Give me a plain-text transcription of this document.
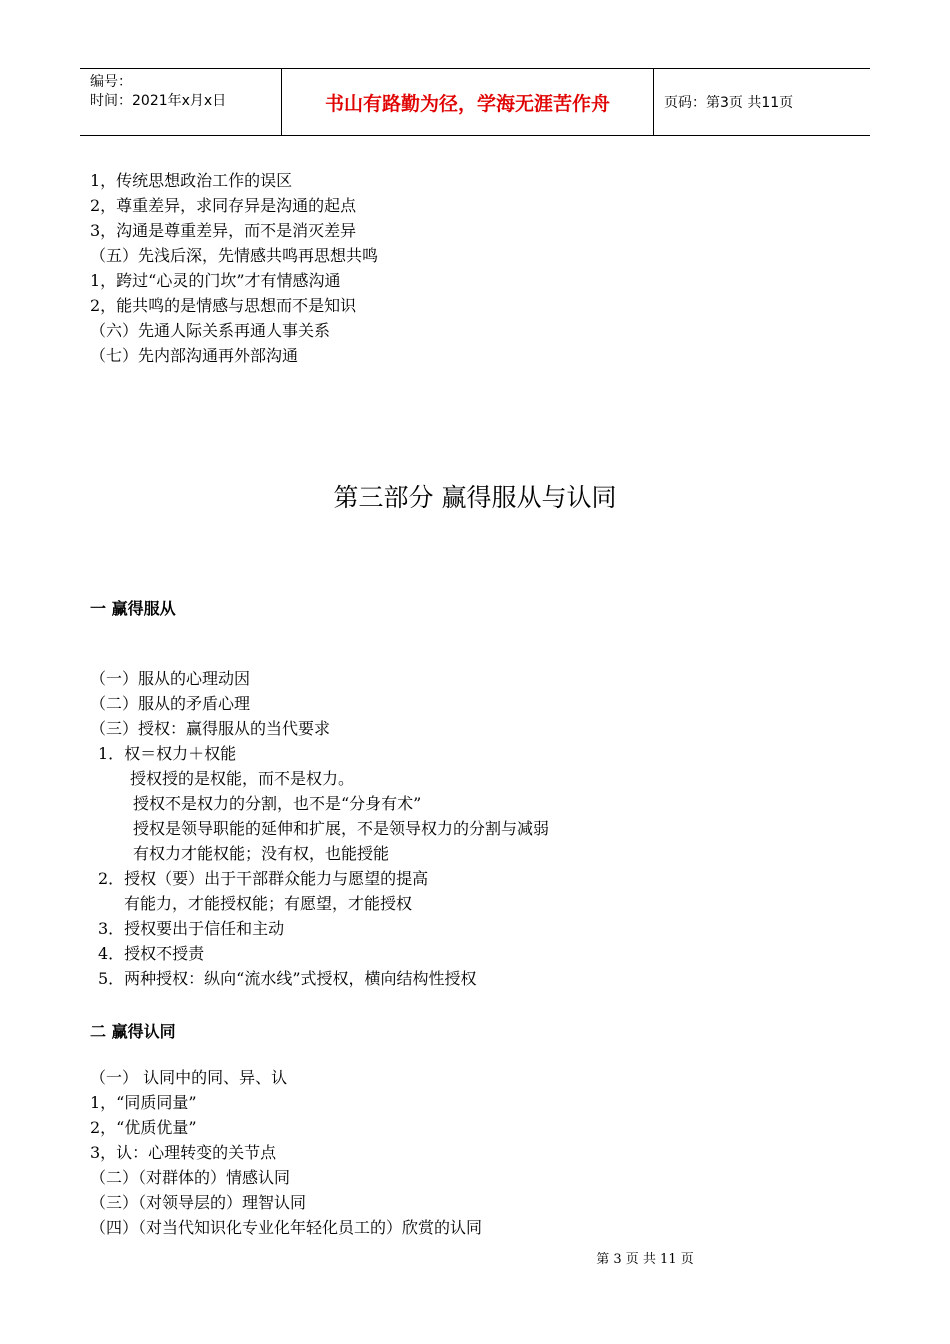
编号：
时间：2021年x月x日	书山有路勤为径，学海无涯苦作舟	页码：第3页 共11页
1，传统思想政治工作的误区
2，尊重差异，求同存异是沟通的起点
3，沟通是尊重差异，而不是消灭差异
（五）先浅后深，先情感共鸣再思想共鸣
1，跨过“心灵的门坎”才有情感沟通
2，能共鸣的是情感与思想而不是知识
（六）先通人际关系再通人事关系
（七）先内部沟通再外部沟通
第三部分 赢得服从与认同
一 赢得服从
（一）服从的心理动因
（二）服从的矛盾心理
（三）授权：赢得服从的当代要求
1．权＝权力＋权能
授权授的是权能，而不是权力。
授权不是权力的分割，也不是“分身有术”
授权是领导职能的延伸和扩展，不是领导权力的分割与减弱
有权力才能权能；没有权，也能授能
2．授权（要）出于干部群众能力与愿望的提高
有能力，才能授权能；有愿望，才能授权
3．授权要出于信任和主动
4．授权不授责
5．两种授权：纵向“流水线”式授权，横向结构性授权
二 赢得认同
（一） 认同中的同、异、认
1，“同质同量”
2，“优质优量”
3，认：心理转变的关节点
（二）（对群体的）情感认同
（三）（对领导层的）理智认同
（四）（对当代知识化专业化年轻化员工的）欣赏的认同
第 3 页 共 11 页
